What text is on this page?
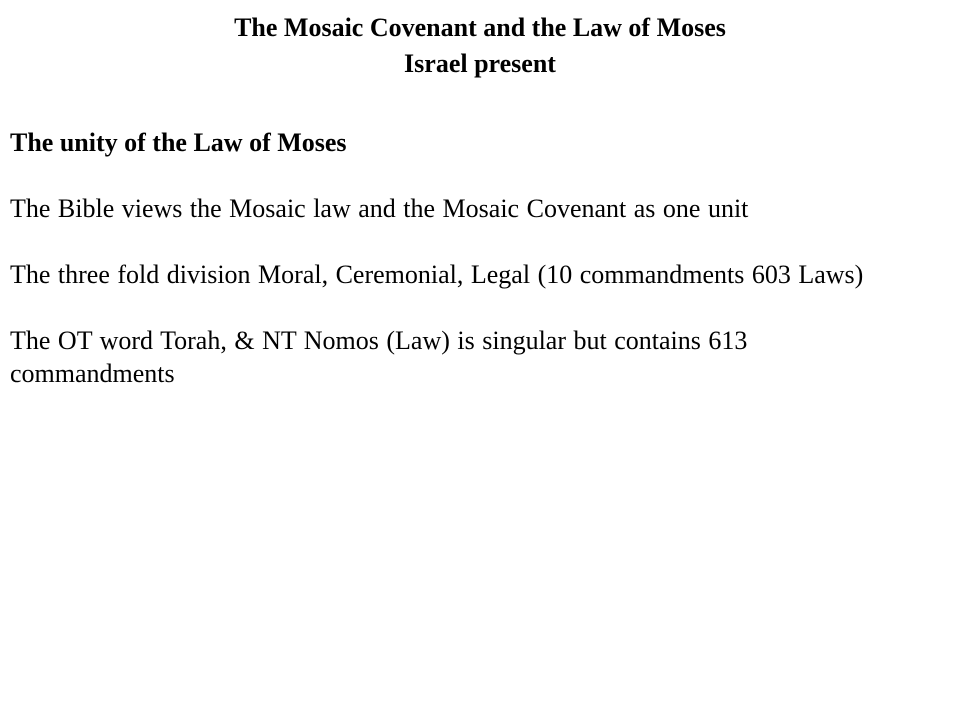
The Mosaic Covenant and the Law of Moses
Israel present
The unity of the Law of Moses
The Bible views the Mosaic law and the Mosaic Covenant as one unit
The three fold division Moral, Ceremonial, Legal (10 commandments 603 Laws)
The OT word Torah, & NT Nomos (Law) is singular but contains 613 commandments
